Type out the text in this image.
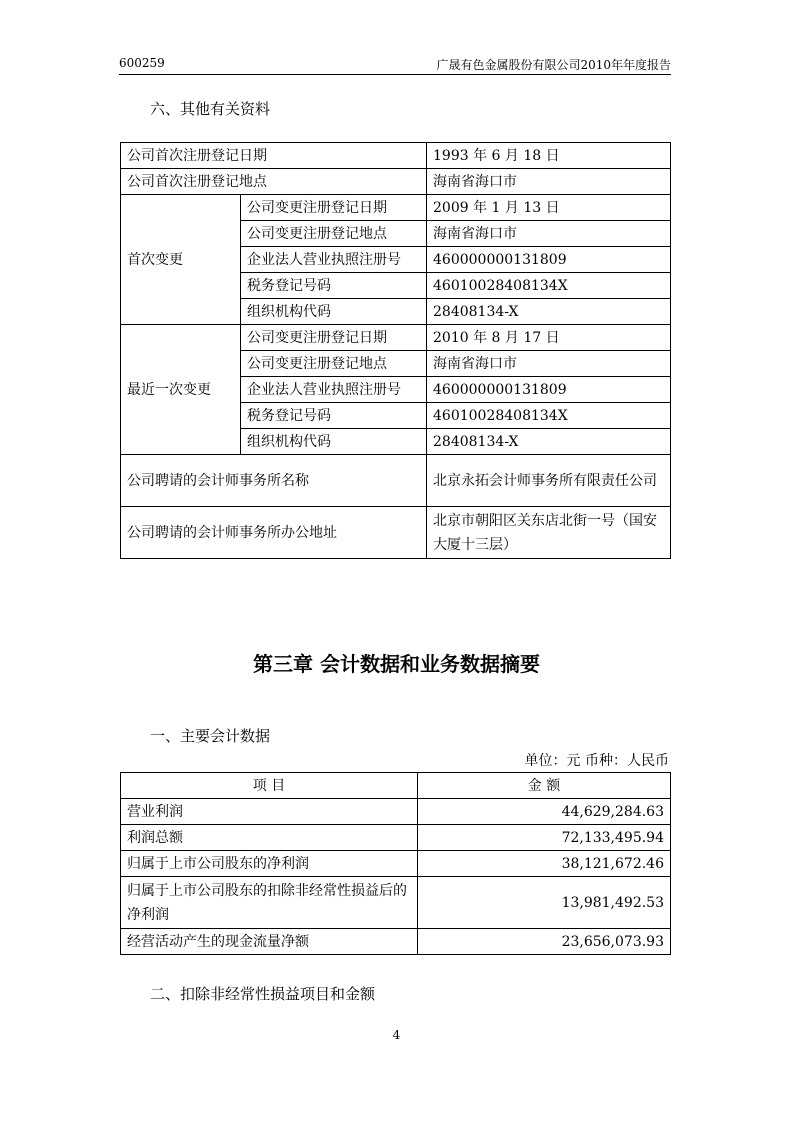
600259	广晟有色金属股份有限公司2010年年度报告
六、其他有关资料
公司首次注册登记日期		1993 年 6 月 18 日
公司首次注册登记地点		海南省海口市
首次变更	公司变更注册登记日期	2009 年 1 月 13 日
	公司变更注册登记地点	海南省海口市
	企业法人营业执照注册号	460000000131809
	税务登记号码	46010028408134X
	组织机构代码	28408134-X
最近一次变更	公司变更注册登记日期	2010 年 8 月 17 日
	公司变更注册登记地点	海南省海口市
	企业法人营业执照注册号	460000000131809
	税务登记号码	46010028408134X
	组织机构代码	28408134-X
公司聘请的会计师事务所名称		北京永拓会计师事务所有限责任公司
公司聘请的会计师事务所办公地址		北京市朝阳区关东店北街一号（国安大厦十三层）
第三章 会计数据和业务数据摘要
一、主要会计数据
单位：元 币种：人民币
项 目	金 额
营业利润	44,629,284.63
利润总额	72,133,495.94
归属于上市公司股东的净利润	38,121,672.46
归属于上市公司股东的扣除非经常性损益后的净利润	13,981,492.53
经营活动产生的现金流量净额	23,656,073.93
二、扣除非经常性损益项目和金额
4
